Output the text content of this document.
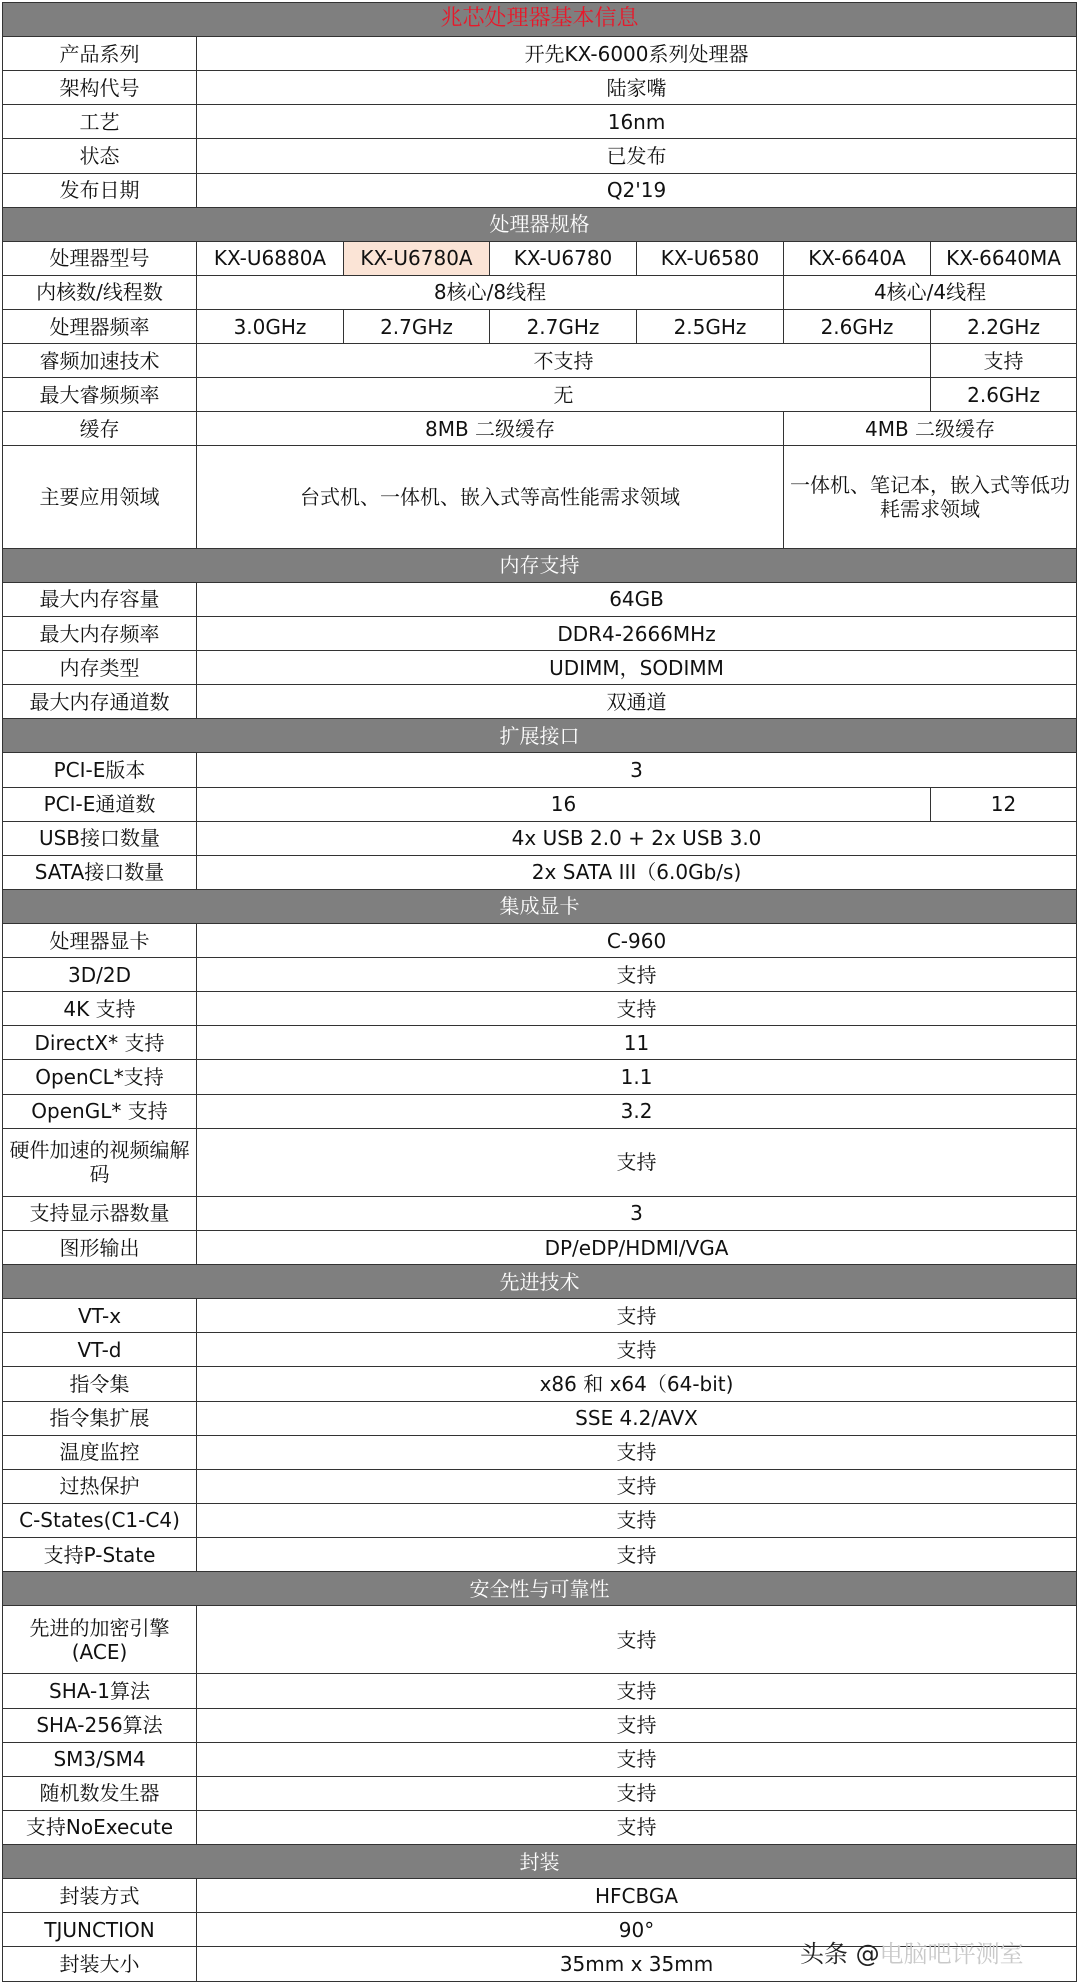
兆芯处理器基本信息						
产品系列	开先KX-6000系列处理器					
架构代号	陆家嘴					
工艺	16nm					
状态	已发布					
发布日期	Q2'19					
处理器规格						
处理器型号	KX-U6880A	KX-U6780A	KX-U6780	KX-U6580	KX-6640A	KX-6640MA
内核数/线程数	8核心/8线程				4核心/4线程	
处理器频率	3.0GHz	2.7GHz	2.7GHz	2.5GHz	2.6GHz	2.2GHz
睿频加速技术	不支持					支持
最大睿频频率	无					2.6GHz
缓存	8MB 二级缓存				4MB 二级缓存	
主要应用领域	台式机、一体机、嵌入式等高性能需求领域				一体机、笔记本，嵌入式等低功耗需求领域	
内存支持						
最大内存容量	64GB					
最大内存频率	DDR4-2666MHz					
内存类型	UDIMM，SODIMM					
最大内存通道数	双通道					
扩展接口						
PCI-E版本	3					
PCI-E通道数	16					12
USB接口数量	4x USB 2.0 + 2x USB 3.0					
SATA接口数量	2x SATA III（6.0Gb/s)					
集成显卡						
处理器显卡	C-960					
3D/2D	支持					
4K 支持	支持					
DirectX* 支持	11					
OpenCL*支持	1.1					
OpenGL* 支持	3.2					
硬件加速的视频编解码	支持					
支持显示器数量	3					
图形输出	DP/eDP/HDMI/VGA					
先进技术						
VT-x	支持					
VT-d	支持					
指令集	x86 和 x64（64-bit)					
指令集扩展	SSE 4.2/AVX					
温度监控	支持					
过热保护	支持					
C-States(C1-C4)	支持					
支持P-State	支持					
安全性与可靠性						
先进的加密引擎(ACE)	支持					
SHA-1算法	支持					
SHA-256算法	支持					
SM3/SM4	支持					
随机数发生器	支持					
支持NoExecute	支持					
封装						
封装方式	HFCBGA					
TJUNCTION	90°					
封装大小	35mm x 35mm						头条 @电脑吧评测室
